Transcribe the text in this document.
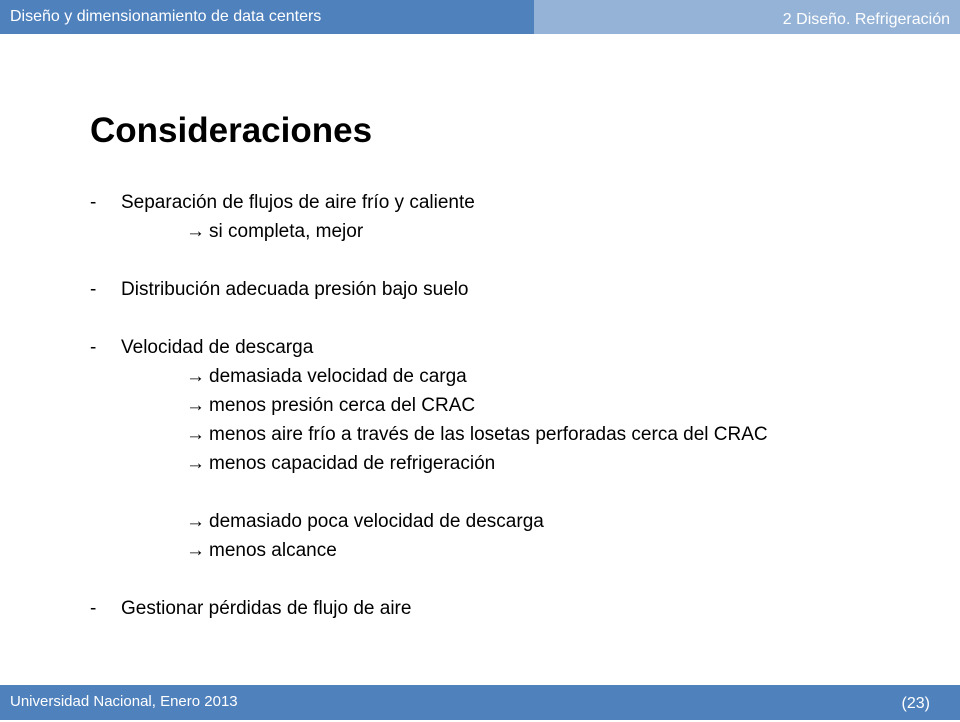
Diseño y dimensionamiento de data centers	2 Diseño. Refrigeración
Consideraciones
- Separación de flujos de aire frío y caliente
→ si completa, mejor
- Distribución adecuada presión bajo suelo
- Velocidad de descarga
→ demasiada velocidad de carga
→ menos presión cerca del CRAC
→ menos aire frío a través de las losetas perforadas cerca del CRAC
→ menos capacidad de refrigeración
→ demasiado poca velocidad de descarga
→ menos alcance
- Gestionar pérdidas de flujo de aire
Universidad Nacional, Enero 2013	(23)
